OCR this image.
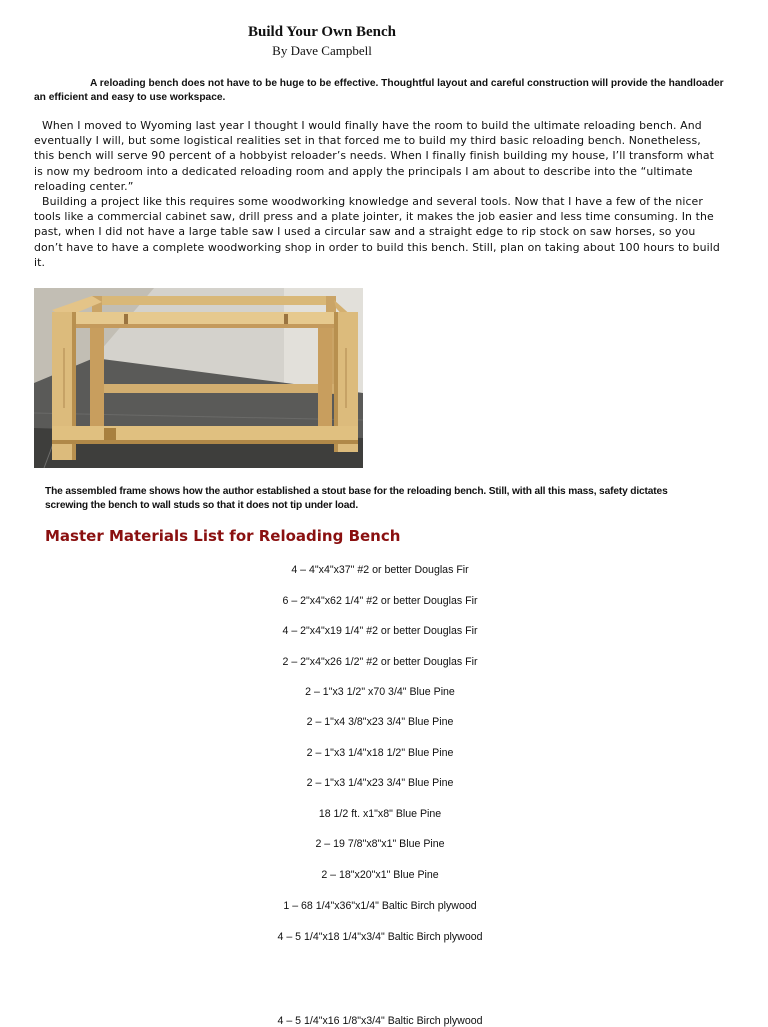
Build Your Own Bench
By Dave Campbell

A reloading bench does not have to be huge to be effective. Thoughtful layout and careful construction will provide the handloader an efficient and easy to use workspace.

When I moved to Wyoming last year I thought I would finally have the room to build the ultimate reloading bench. And eventually I will, but some logistical realities set in that forced me to build my third basic reloading bench. Nonetheless, this bench will serve 90 percent of a hobbyist reloader’s needs. When I finally finish building my house, I’ll transform what is now my bedroom into a dedicated reloading room and apply the principals I am about to describe into the “ultimate reloading center.”

Building a project like this requires some woodworking knowledge and several tools. Now that I have a few of the nicer tools like a commercial cabinet saw, drill press and a plate jointer, it makes the job easier and less time consuming. In the past, when I did not have a large table saw I used a circular saw and a straight edge to rip stock on saw horses, so you don’t have to have a complete woodworking shop in order to build this bench. Still, plan on taking about 100 hours to build it.

The assembled frame shows how the author established a stout base for the reloading bench. Still, with all this mass, safety dictates screwing the bench to wall studs so that it does not tip under load.

Master Materials List for Reloading Bench
4 – 4"x4"x37" #2 or better Douglas Fir
6 – 2"x4"x62 1/4" #2 or better Douglas Fir
4 – 2"x4"x19 1/4" #2 or better Douglas Fir
2 – 2"x4"x26 1/2" #2 or better Douglas Fir
2 – 1"x3 1/2" x70 3/4" Blue Pine
2 – 1"x4 3/8"x23 3/4" Blue Pine
2 – 1"x3 1/4"x18 1/2" Blue Pine
2 – 1"x3 1/4"x23 3/4" Blue Pine
18 1/2 ft. x1"x8" Blue Pine
2 – 19 7/8"x8"x1" Blue Pine
2 – 18"x20"x1" Blue Pine
1 – 68 1/4"x36"x1/4" Baltic Birch plywood
4 – 5 1/4"x18 1/4"x3/4" Baltic Birch plywood
4 – 5 1/4"x16 1/8"x3/4" Baltic Birch plywood
